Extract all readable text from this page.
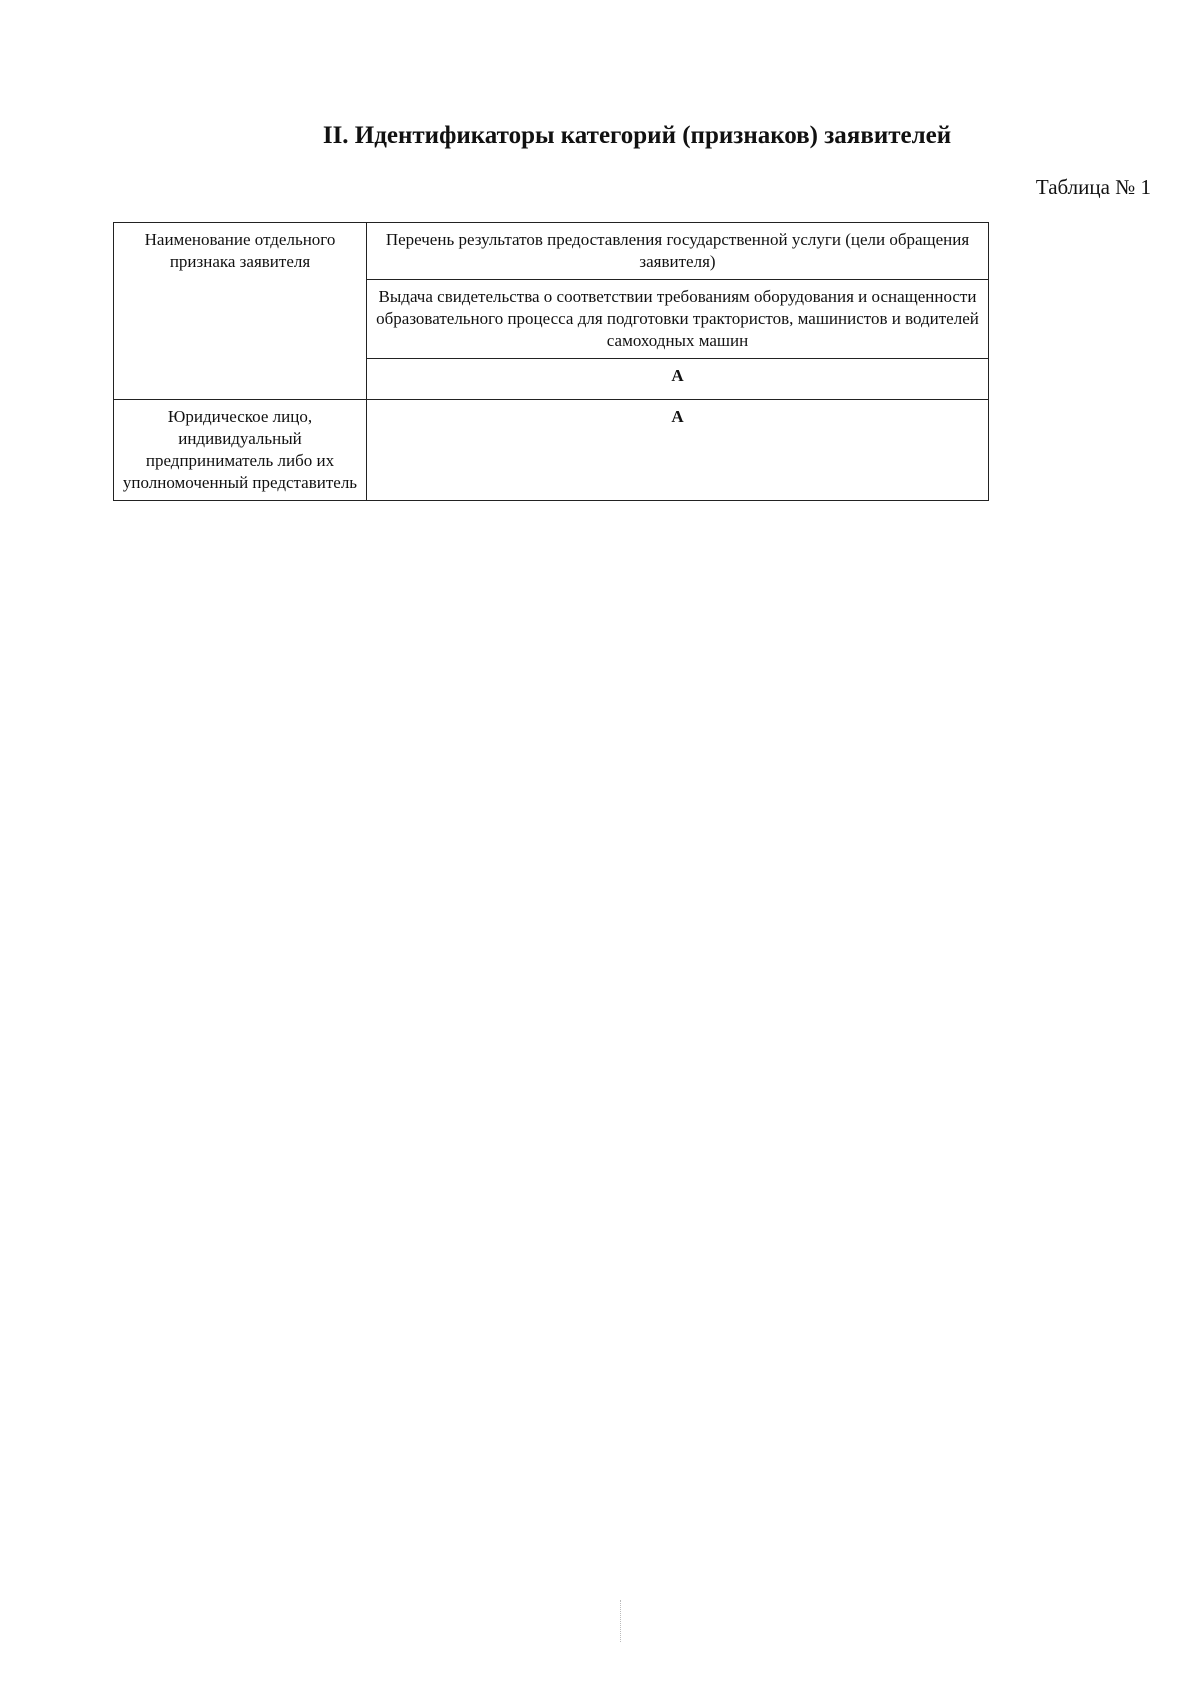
II. Идентификаторы категорий (признаков) заявителей
Таблица № 1
Наименование отдельного признака заявителя	Перечень результатов предоставления государственной услуги (цели обращения заявителя)
	Выдача свидетельства о соответствии требованиям оборудования и оснащенности образовательного процесса для подготовки трактористов, машинистов и водителей самоходных машин
	А
Юридическое лицо, индивидуальный предприниматель либо их уполномоченный представитель	А
